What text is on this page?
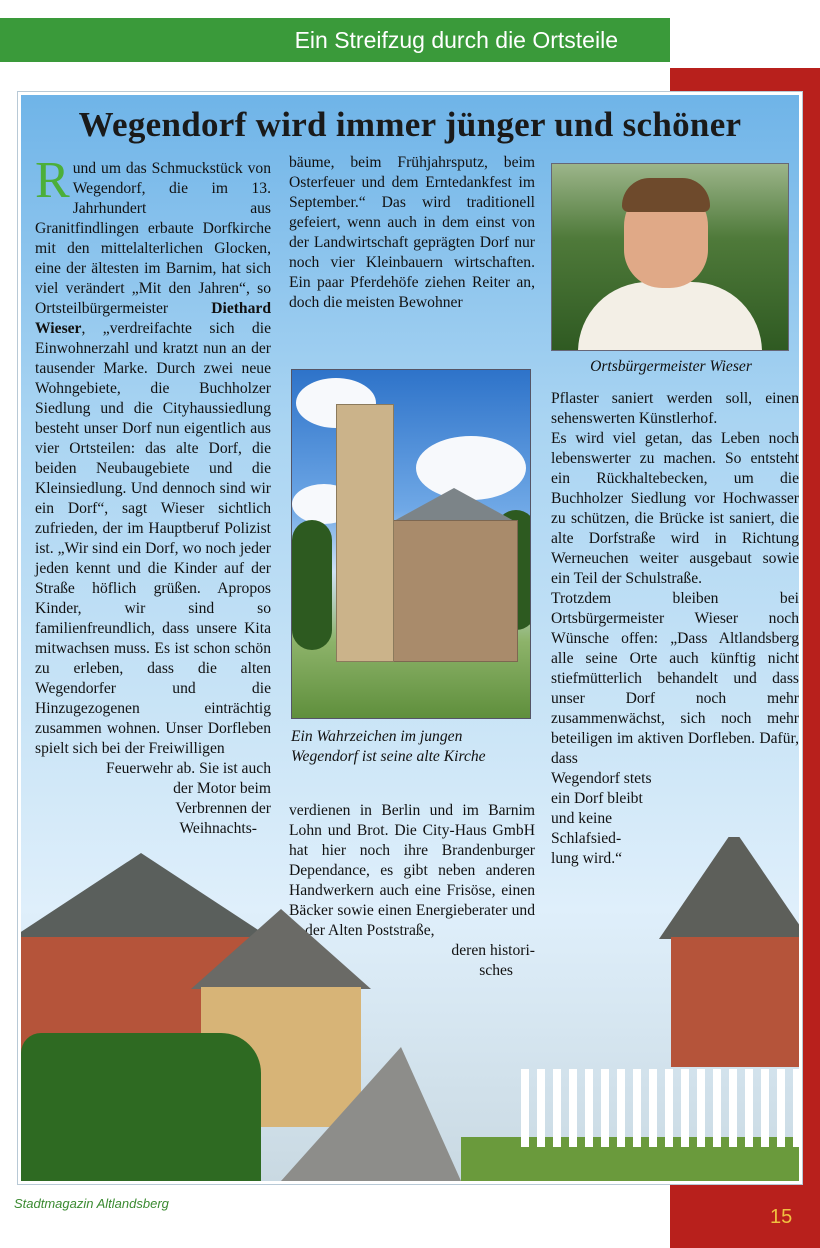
Ein Streifzug durch die Ortsteile
Wegendorf wird immer jünger und schöner

Rund um das Schmuckstück von Wegendorf, die im 13. Jahrhundert aus Granitfindlingen erbaute Dorfkirche mit den mittelalterlichen Glocken, eine der ältesten im Barnim, hat sich viel verändert „Mit den Jahren“, so Ortsteilbürgermeister	Diethard Wieser, „verdreifachte sich die Einwohnerzahl und kratzt nun an der tausender Marke. Durch zwei neue Wohngebiete, die Buchholzer Siedlung und die Cityhaussiedlung besteht unser Dorf nun eigentlich aus vier Ortsteilen: das alte Dorf, die beiden Neubaugebiete und die Kleinsiedlung. Und dennoch sind wir ein Dorf“, sagt Wieser sichtlich zufrieden, der im Hauptberuf Polizist ist. „Wir sind ein Dorf, wo noch jeder jeden kennt und die Kinder auf der Straße höflich grüßen. Apropos Kinder, wir sind so familienfreundlich, dass unsere Kita mitwachsen muss. Es ist schon schön zu erleben, dass die alten Wegendorfer und die Hinzugezogenen einträchtig zusammen wohnen. Unser Dorfleben spielt sich bei der Freiwilligen

Feuerwehr ab. Sie ist auch

der Motor beim

Verbrennen der

Weihnachts-

bäume, beim Frühjahrsputz, beim Osterfeuer und dem Erntedankfest im September.“ Das wird traditionell gefeiert, wenn auch in dem einst von der Landwirtschaft geprägten Dorf nur noch vier Kleinbauern wirtschaften. Ein paar Pferdehöfe ziehen Reiter an, doch die meisten Bewohner

Ein Wahrzeichen im jungen Wegendorf ist seine alte Kirche

verdienen in Berlin und im Barnim Lohn und Brot. Die City-Haus GmbH hat hier noch ihre Brandenburger Dependance, es gibt neben anderen Handwerkern auch eine Frisöse, einen Bäcker sowie einen Energieberater und in der Alten Poststraße,

deren histori-

sches

Ortsbürgermeister Wieser

Pflaster saniert werden soll, einen sehenswerten Künstlerhof.

Es wird viel getan, das Leben noch lebenswerter zu machen. So entsteht ein Rückhaltebecken, um die Buchholzer Siedlung vor Hochwasser zu schützen, die Brücke ist saniert, die alte Dorfstraße wird in Richtung Werneuchen weiter ausgebaut sowie ein Teil der Schulstraße.

Trotzdem bleiben bei Ortsbürgermeister Wieser noch Wünsche offen: „Dass Altlandsberg alle seine Orte auch künftig nicht stiefmütterlich behandelt und dass unser Dorf noch mehr zusammenwächst, sich noch mehr beteiligen im aktiven Dorfleben. Dafür, dass

Wegendorf stets

ein Dorf bleibt

und keine

Schlafsied-

lung wird.“

Stadtmagazin Altlandsberg
15
